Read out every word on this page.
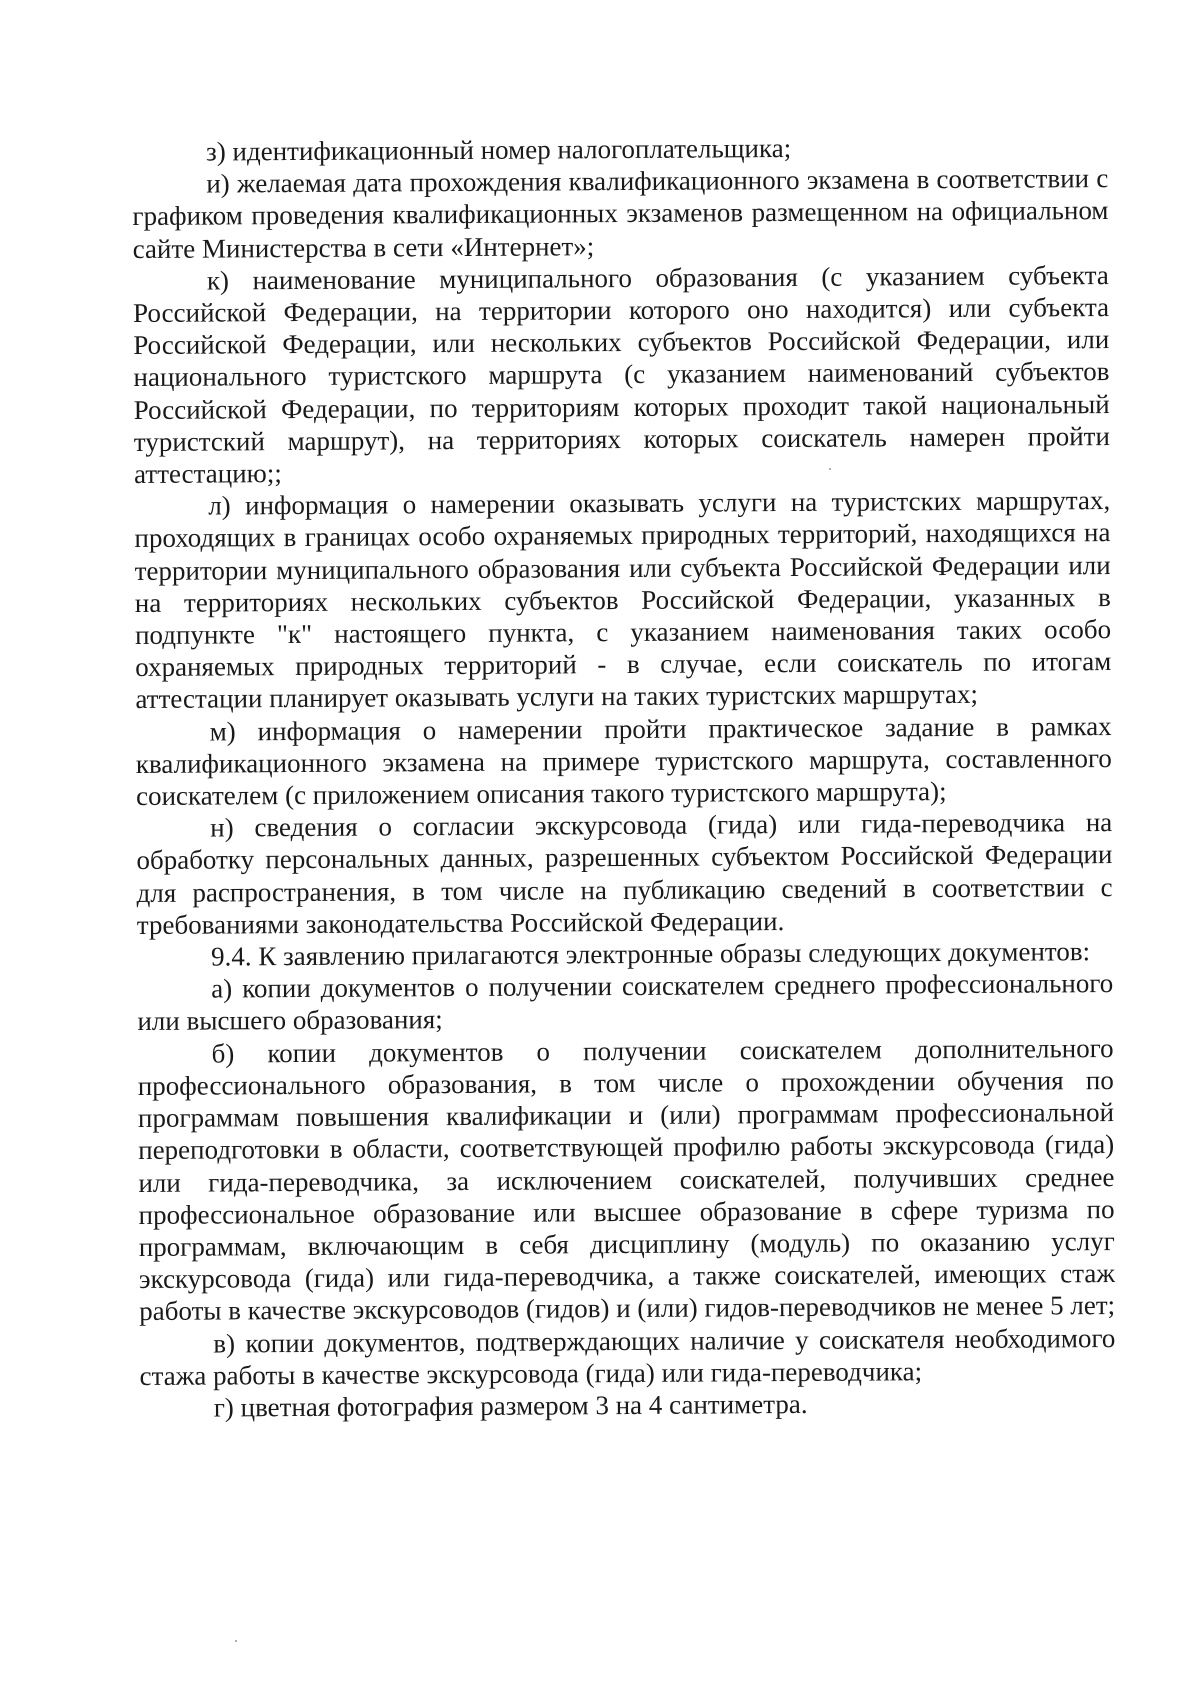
з) идентификационный номер налогоплательщика;

и) желаемая дата прохождения квалификационного экзамена в соответствии с графиком проведения квалификационных экзаменов размещенном на официальном сайте Министерства в сети «Интернет»;

к) наименование муниципального образования (с указанием субъекта Российской Федерации, на территории которого оно находится) или субъекта Российской Федерации, или нескольких субъектов Российской Федерации, или национального туристского маршрута (с указанием наименований субъектов Российской Федерации, по территориям которых проходит такой национальный туристский маршрут), на территориях которых соискатель намерен пройти аттестацию;;

л) информация о намерении оказывать услуги на туристских маршрутах, проходящих в границах особо охраняемых природных территорий, находящихся на территории муниципального образования или субъекта Российской Федерации или на территориях нескольких субъектов Российской Федерации, указанных в подпункте "к" настоящего пункта, с указанием наименования таких особо охраняемых природных территорий - в случае, если соискатель по итогам аттестации планирует оказывать услуги на таких туристских маршрутах;

м) информация о намерении пройти практическое задание в рамках квалификационного экзамена на примере туристского маршрута, составленного соискателем (с приложением описания такого туристского маршрута);

н) сведения о согласии экскурсовода (гида) или гида-переводчика на обработку персональных данных, разрешенных субъектом Российской Федерации для распространения, в том числе на публикацию сведений в соответствии с требованиями законодательства Российской Федерации.

9.4. К заявлению прилагаются электронные образы следующих документов:

а) копии документов о получении соискателем среднего профессионального или высшего образования;

б) копии документов о получении соискателем дополнительного профессионального образования, в том числе о прохождении обучения по программам повышения квалификации и (или) программам профессиональной переподготовки в области, соответствующей профилю работы экскурсовода (гида) или гида-переводчика, за исключением соискателей, получивших среднее профессиональное образование или высшее образование в сфере туризма по программам, включающим в себя дисциплину (модуль) по оказанию услуг экскурсовода (гида) или гида-переводчика, а также соискателей, имеющих стаж работы в качестве экскурсоводов (гидов) и (или) гидов-переводчиков не менее 5 лет;

в) копии документов, подтверждающих наличие у соискателя необходимого стажа работы в качестве экскурсовода (гида) или гида-переводчика;

г) цветная фотография размером 3 на 4 сантиметра.
